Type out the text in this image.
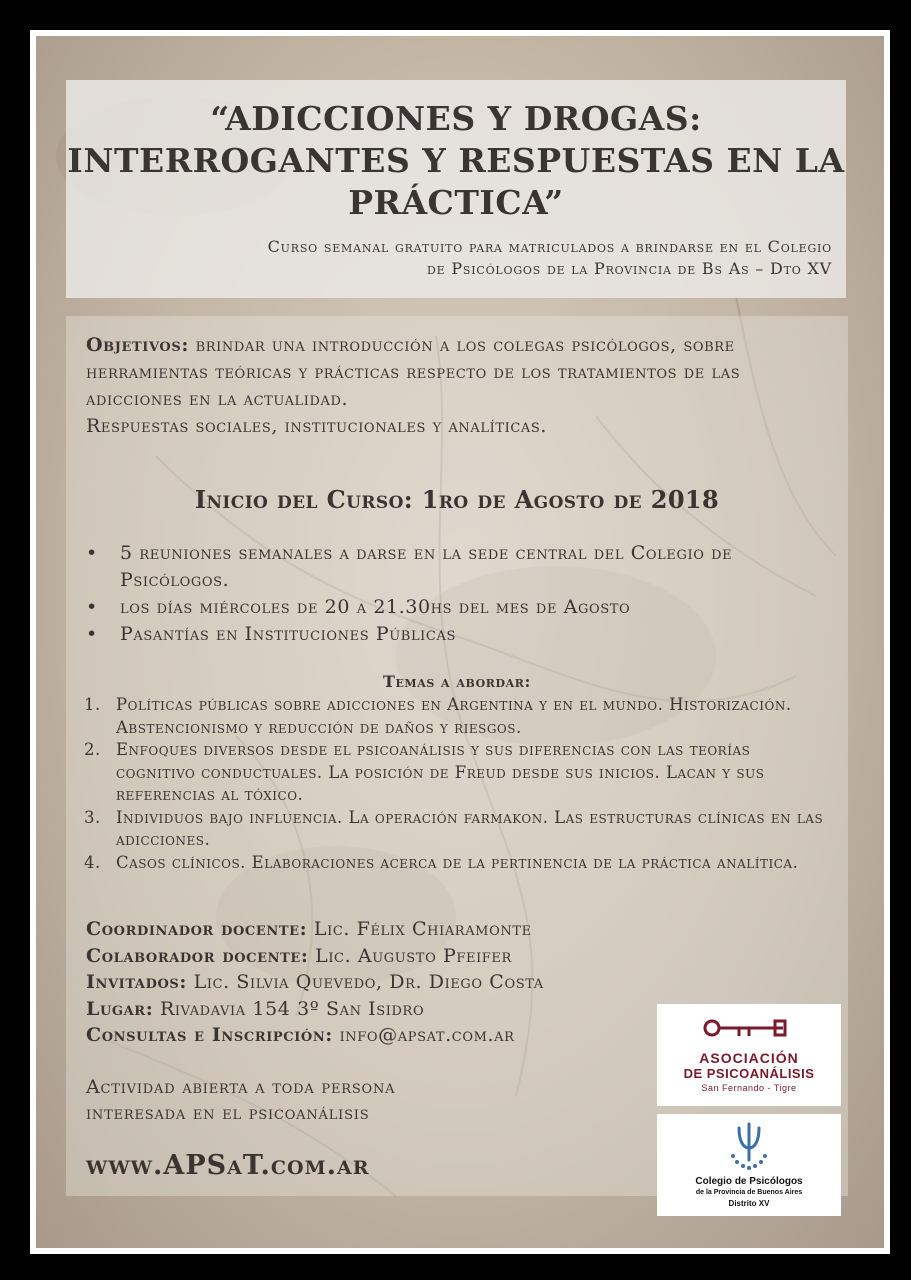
“ADICCIONES Y DROGAS:
INTERROGANTES Y RESPUESTAS EN LA
PRÁCTICA”
Curso semanal gratuito para matriculados a brindarse en el Colegio
de Psicólogos de la Provincia de Bs As – Dto XV
Objetivos: brindar una introducción a los colegas psicólogos, sobre herramientas teóricas y prácticas respecto de los tratamientos de las adicciones en la actualidad.
Respuestas sociales, institucionales y analíticas.
Inicio del Curso: 1ro de Agosto de 2018
• 5 reuniones semanales a darse en la sede central del Colegio de Psicólogos.
• los días miércoles de 20 a 21.30hs del mes de Agosto
• Pasantías en Instituciones Públicas
Temas a abordar:
1. Políticas públicas sobre adicciones en Argentina y en el mundo. Historización. Abstencionismo y reducción de daños y riesgos.
2. Enfoques diversos desde el psicoanálisis y sus diferencias con las teorías cognitivo conductuales. La posición de Freud desde sus inicios. Lacan y sus referencias al tóxico.
3. Individuos bajo influencia. La operación farmakon. Las estructuras clínicas en las adicciones.
4. Casos clínicos. Elaboraciones acerca de la pertinencia de la práctica analítica.
Coordinador docente: Lic. Félix Chiaramonte
Colaborador docente: Lic. Augusto Pfeifer
Invitados: Lic. Silvia Quevedo, Dr. Diego Costa
Lugar: Rivadavia 154 3º San Isidro
Consultas e Inscripción: info@apsat.com.ar
Actividad abierta a toda persona
interesada en el psicoanálisis
www.APSaT.com.ar
ASOCIACIÓN
DE PSICOANÁLISIS
San Fernando - Tigre
Colegio de Psicólogos
de la Provincia de Buenos Aires
Distrito XV
